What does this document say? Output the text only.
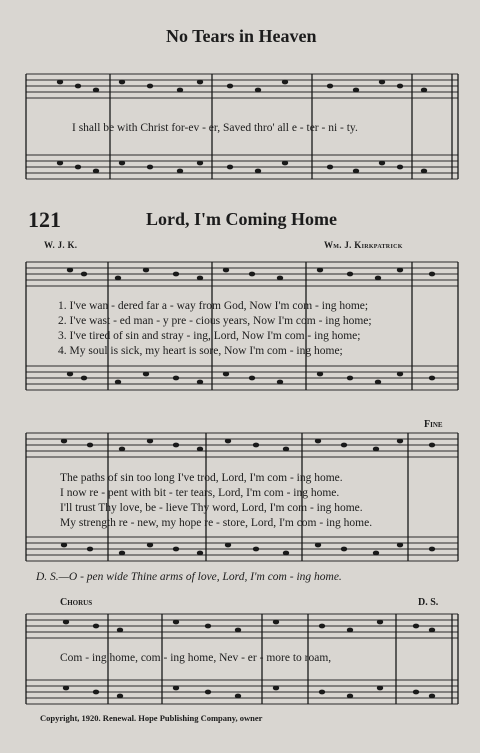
No Tears in Heaven
I shall be with Christ for-ev - er, Saved thro' all e - ter - ni - ty.
121	Lord, I'm Coming Home
W. J. K.	Wm. J. Kirkpatrick
1. I've wan - dered far a - way from God, Now I'm com - ing home;
2. I've wast - ed man - y pre - cious years, Now I'm com - ing home;
3. I've tired of sin and stray - ing, Lord, Now I'm com - ing home;
4. My soul is sick, my heart is sore, Now I'm com - ing home;
Fine
The paths of sin too long I've trod, Lord, I'm com - ing home.
I now re - pent with bit - ter tears, Lord, I'm com - ing home.
I'll trust Thy love, be - lieve Thy word, Lord, I'm com - ing home.
My strength re - new, my hope re - store, Lord, I'm com - ing home.
D. S.—O - pen wide Thine arms of love, Lord, I'm com - ing home.
Chorus	D. S.
Com - ing home, com - ing home, Nev - er - more to roam,
Copyright, 1920. Renewal. Hope Publishing Company, owner
